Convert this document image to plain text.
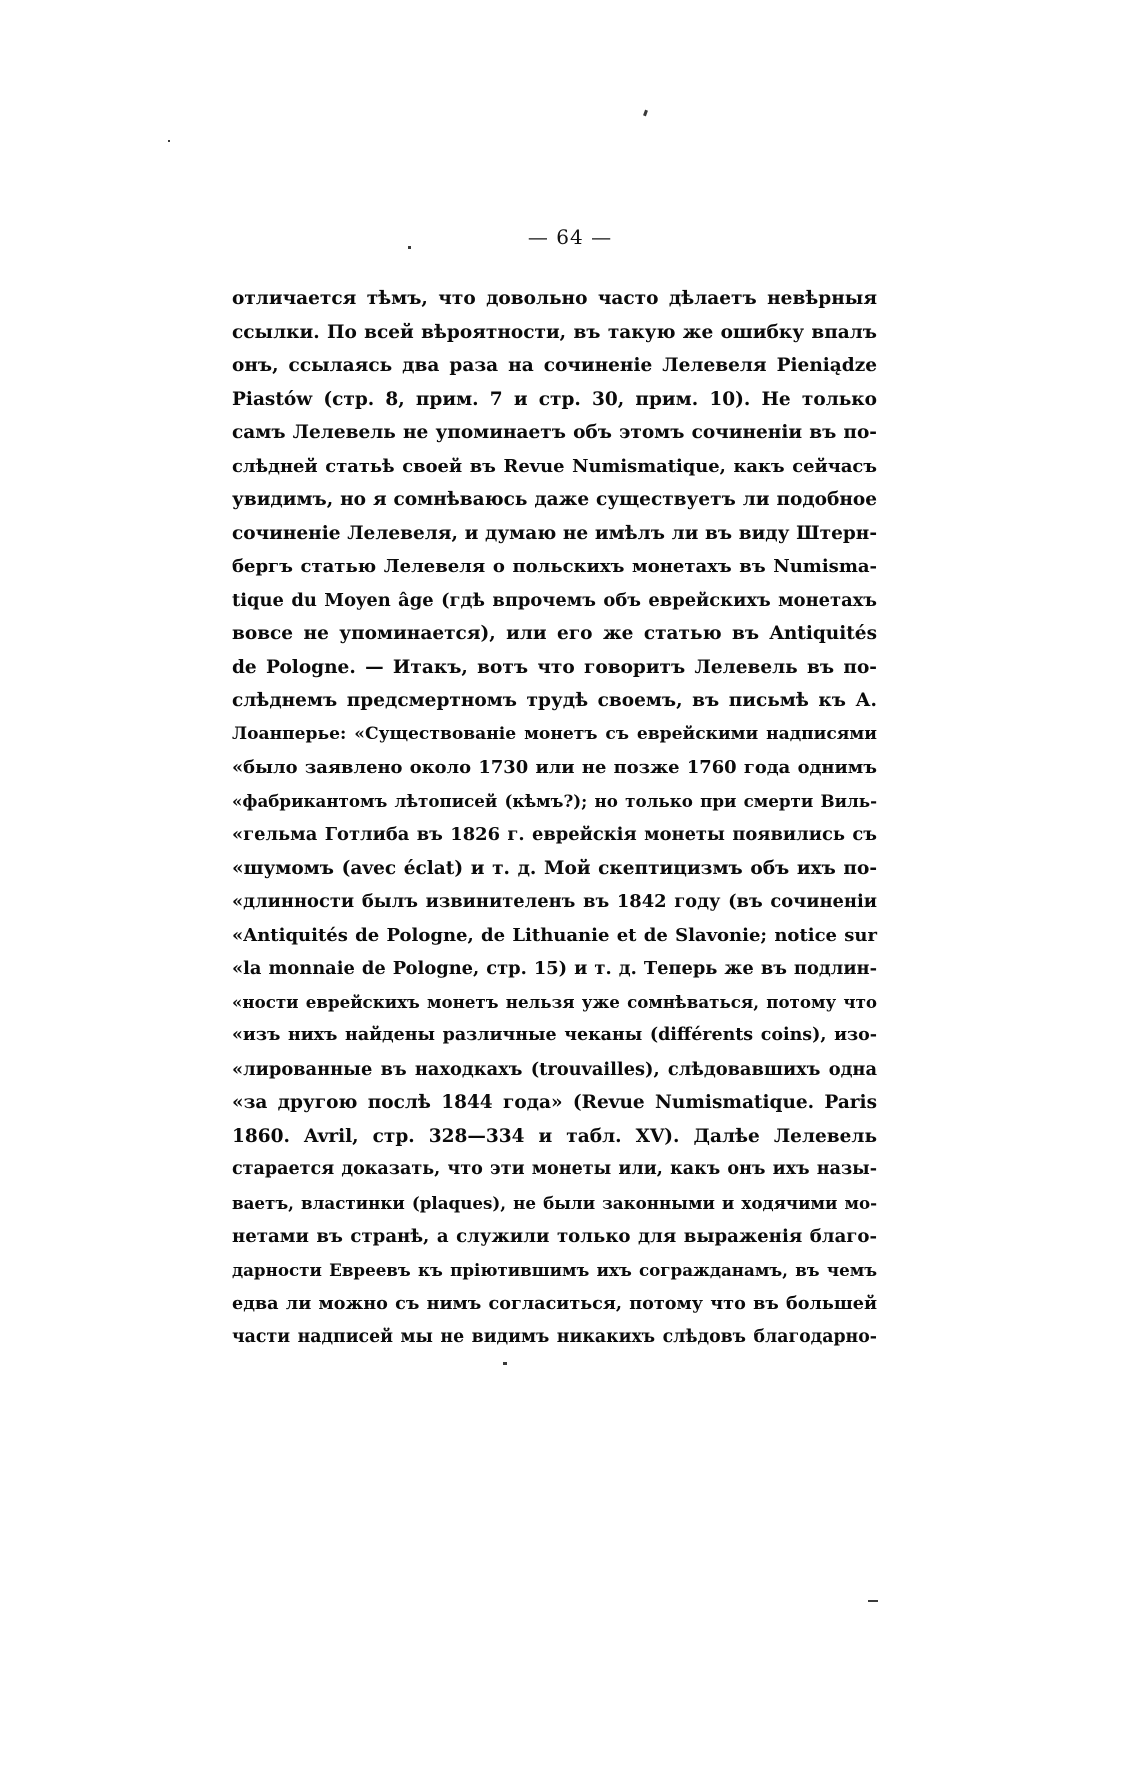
— 64 —
отличается тѣмъ, что довольно часто дѣлаетъ невѣрныя
ссылки. По всей вѣроятности, въ такую же ошибку впалъ
онъ, ссылаясь два раза на сочиненіе Лелевеля Pieniądze
Piastów (стр. 8, прим. 7 и стр. 30, прим. 10). Не только
самъ Лелевель не упоминаетъ объ этомъ сочиненіи въ по-
слѣдней статьѣ своей въ Revue Numismatique, какъ сейчасъ
увидимъ, но я сомнѣваюсь даже существуетъ ли подобное
сочиненіе Лелевеля, и думаю не имѣлъ ли въ виду Штерн-
бергъ статью Лелевеля о польскихъ монетахъ въ Numisma-
tique du Moyen âge (гдѣ впрочемъ объ еврейскихъ монетахъ
вовсе не упоминается), или его же статью въ Antiquités
de Pologne. — Итакъ, вотъ что говоритъ Лелевель въ по-
слѣднемъ предсмертномъ трудѣ своемъ, въ письмѣ къ А.
Лоанперье: «Существованіе монетъ съ еврейскими надписями
«было заявлено около 1730 или не позже 1760 года однимъ
«фабрикантомъ лѣтописей (кѣмъ?); но только при смерти Виль-
«гельма Готлиба въ 1826 г. еврейскія монеты появились съ
«шумомъ (avec éclat) и т. д. Мой скептицизмъ объ ихъ по-
«длинности былъ извинителенъ въ 1842 году (въ сочиненіи
«Antiquités de Pologne, de Lithuanie et de Slavonie; notice sur
«la monnaie de Pologne, стр. 15) и т. д. Теперь же въ подлин-
«ности еврейскихъ монетъ нельзя уже сомнѣваться, потому что
«изъ нихъ найдены различные чеканы (différents coins), изо-
«лированные въ находкахъ (trouvailles), слѣдовавшихъ одна
«за другою послѣ 1844 года» (Revue Numismatique. Paris
1860. Avril, стр. 328—334 и табл. XV). Далѣе Лелевель
старается доказать, что эти монеты или, какъ онъ ихъ назы-
ваетъ, властинки (plaques), не были законными и ходячими мо-
нетами въ странѣ, а служили только для выраженія благо-
дарности Евреевъ къ пріютившимъ ихъ согражданамъ, въ чемъ
едва ли можно съ нимъ согласиться, потому что въ большей
части надписей мы не видимъ никакихъ слѣдовъ благодарно-
